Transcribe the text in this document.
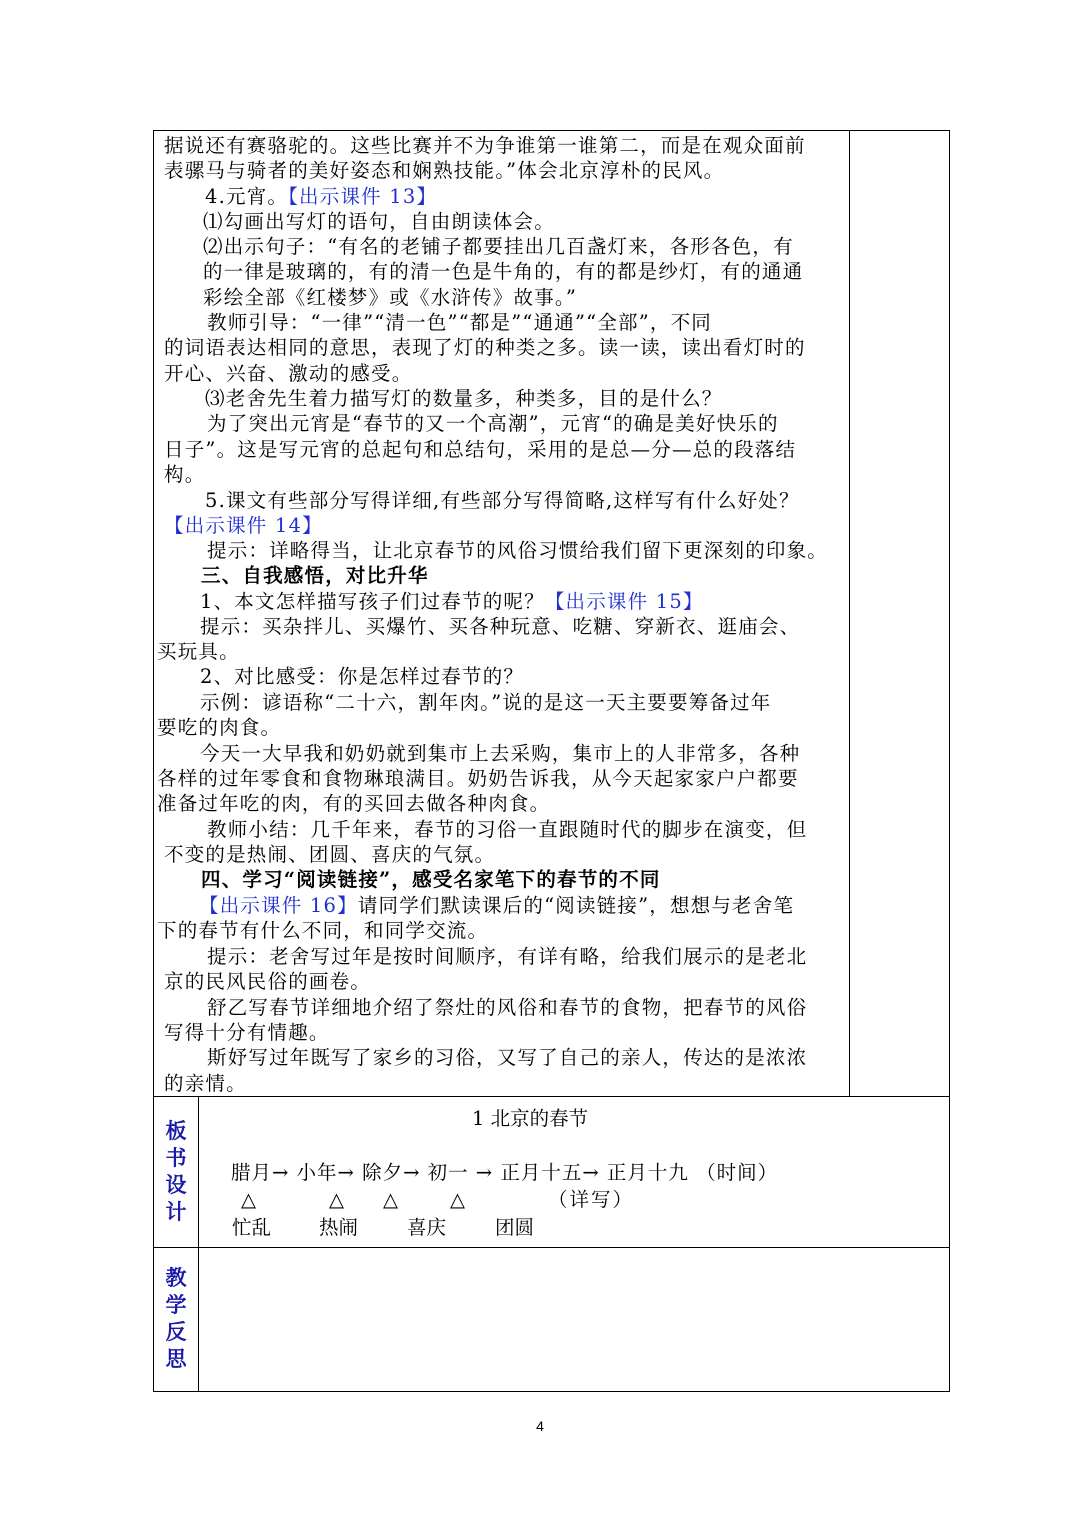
据说还有赛骆驼的。这些比赛并不为争谁第一谁第二，而是在观众面前
表骡马与骑者的美好姿态和娴熟技能。”体会北京淳朴的民风。
4.元宵。【出示课件 13】
⑴勾画出写灯的语句，自由朗读体会。
⑵出示句子：“有名的老铺子都要挂出几百盏灯来，各形各色，有
的一律是玻璃的，有的清一色是牛角的，有的都是纱灯，有的通通
彩绘全部《红楼梦》或《水浒传》故事。”
教师引导：“一律”“清一色”“都是”“通通”“全部”，不同
的词语表达相同的意思，表现了灯的种类之多。读一读，读出看灯时的
开心、兴奋、激动的感受。
⑶老舍先生着力描写灯的数量多，种类多，目的是什么？
为了突出元宵是“春节的又一个高潮”，元宵“的确是美好快乐的
日子”。这是写元宵的总起句和总结句，采用的是总—分—总的段落结
构。
5.课文有些部分写得详细,有些部分写得简略,这样写有什么好处？
【出示课件 14】
提示：详略得当，让北京春节的风俗习惯给我们留下更深刻的印象。
三、自我感悟，对比升华
1、本文怎样描写孩子们过春节的呢？【出示课件 15】
提示：买杂拌儿、买爆竹、买各种玩意、吃糖、穿新衣、逛庙会、
买玩具。
2、对比感受：你是怎样过春节的？
示例：谚语称“二十六，割年肉。”说的是这一天主要要筹备过年
要吃的肉食。
今天一大早我和奶奶就到集市上去采购，集市上的人非常多，各种
各样的过年零食和食物琳琅满目。奶奶告诉我，从今天起家家户户都要
准备过年吃的肉，有的买回去做各种肉食。
教师小结：几千年来，春节的习俗一直跟随时代的脚步在演变，但
不变的是热闹、团圆、喜庆的气氛。
四、学习“阅读链接”，感受名家笔下的春节的不同
【出示课件 16】请同学们默读课后的“阅读链接”，想想与老舍笔
下的春节有什么不同，和同学交流。
提示：老舍写过年是按时间顺序，有详有略，给我们展示的是老北
京的民风民俗的画卷。
舒乙写春节详细地介绍了祭灶的风俗和春节的食物，把春节的风俗
写得十分有情趣。
斯妤写过年既写了家乡的习俗，又写了自己的亲人，传达的是浓浓
的亲情。
板
书
设
计
1 北京的春节
腊月→ 小年→ 除夕→ 初一 → 正月十五→ 正月十九 （时间）
△	△ △	△	（详写）
忙乱 热闹	喜庆	团圆
教
学
反
思
4
